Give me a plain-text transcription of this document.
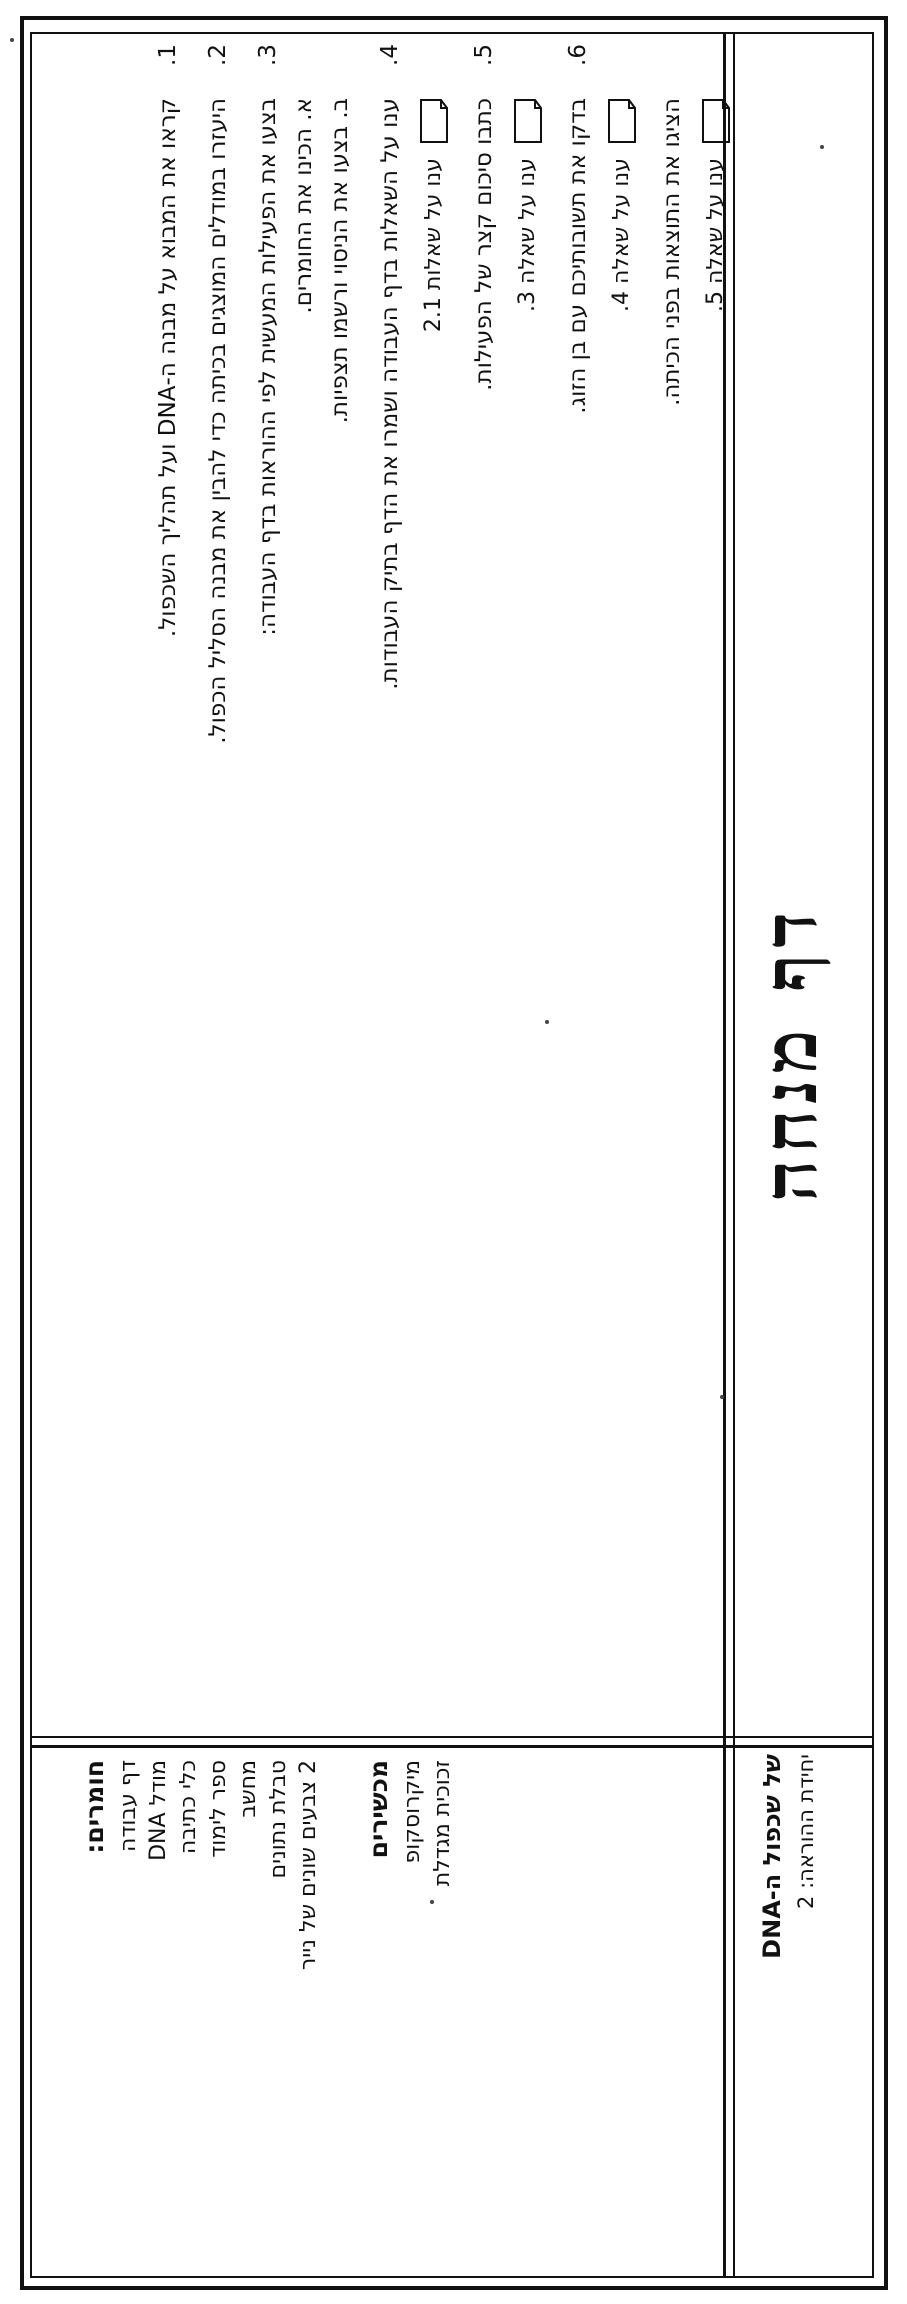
דף מנחה
של שכפול ה-DNA
יחידת ההוראה: 2
1.
קראו את המבוא על מבנה ה-DNA ועל תהליך השכפול.
2.
היעזרו במודלים המוצגים בכיתה כדי להבין את מבנה הסליל הכפול.
3.
בצעו את הפעילות המעשית לפי ההוראות בדף העבודה: א. הכינו את החומרים. ב. בצעו את הניסוי ורשמו תצפיות.
4.
ענו על השאלות בדף העבודה ושמרו את הדף בתיק העבודות. ענו על שאלות 2.1
5.
כתבו סיכום קצר של הפעילות. ענו על שאלה 3.
6.
בדקו את תשובותיכם עם בן הזוג. ענו על שאלה 4. הציגו את התוצאות בפני הכיתה. ענו על שאלה 5.
חומרים: דף עבודה מודל DNA כלי כתיבה ספר לימוד מחשב טבלת נתונים 2 צבעים שונים של נייר מכשירים מיקרוסקופ זכוכית מגדלת
